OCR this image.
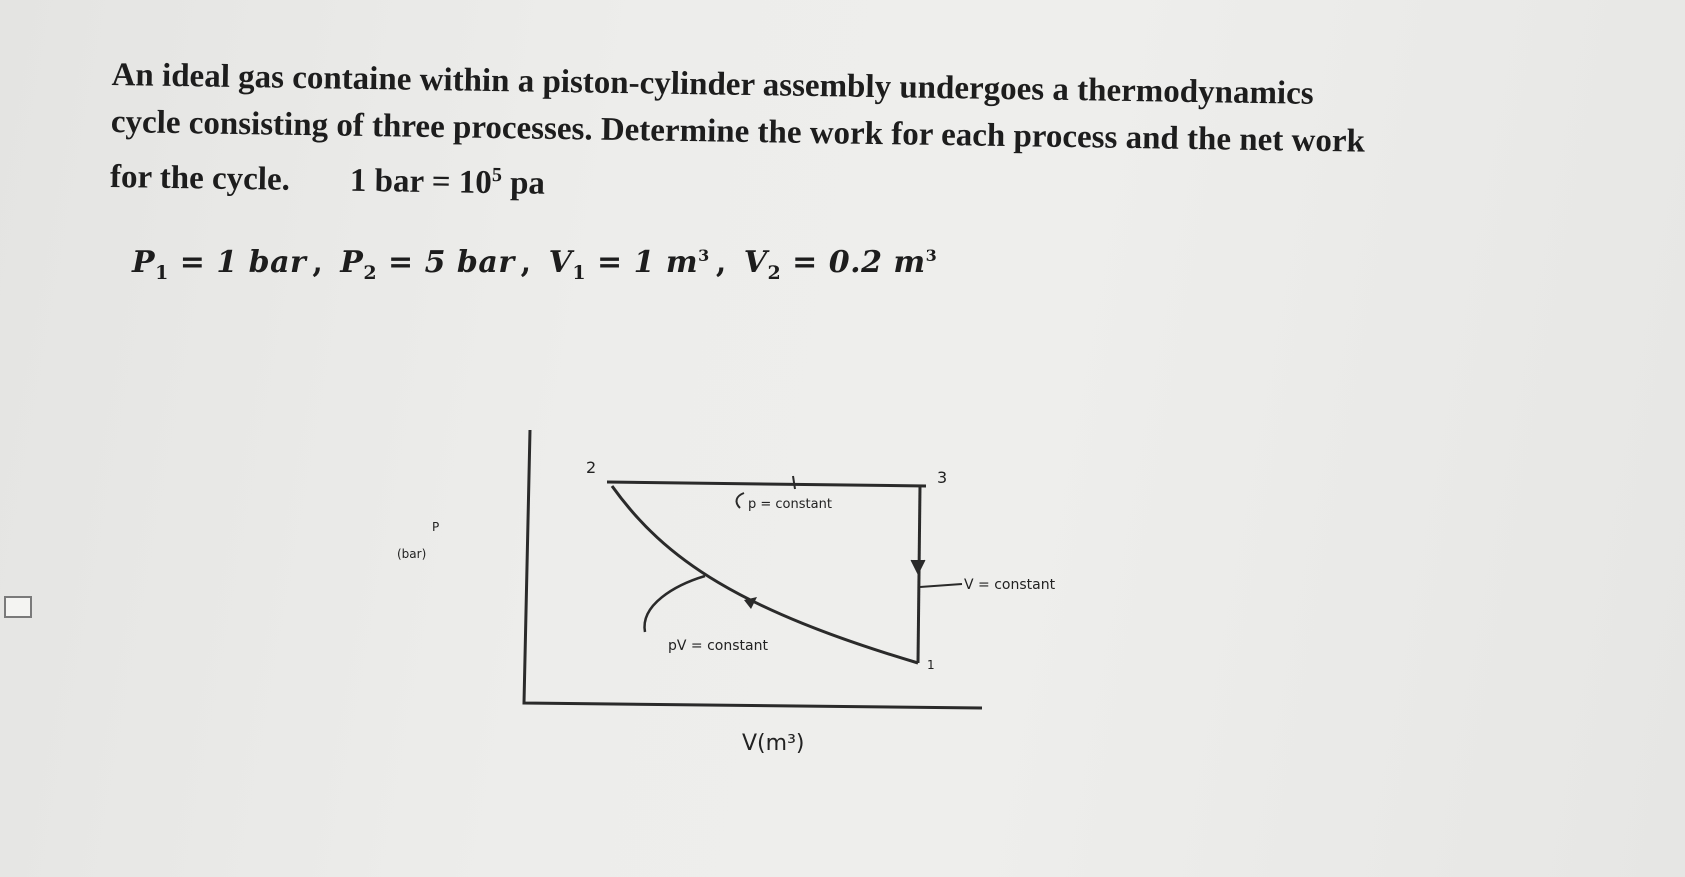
An ideal gas containe within a piston-cylinder assembly undergoes a thermodynamics
cycle consisting of three processes. Determine the work for each process and the net work
for the cycle. 1 bar = $10^5$ pa
$P_1 = 1$ bar , $P_2 = 5$ bar , $V_1 = 1$ $m^3$ , $V_2 = 0.2$ $m^3$
2
3
1
p = constant
V = constant
pV = constant
P
(bar)
V(m³)
